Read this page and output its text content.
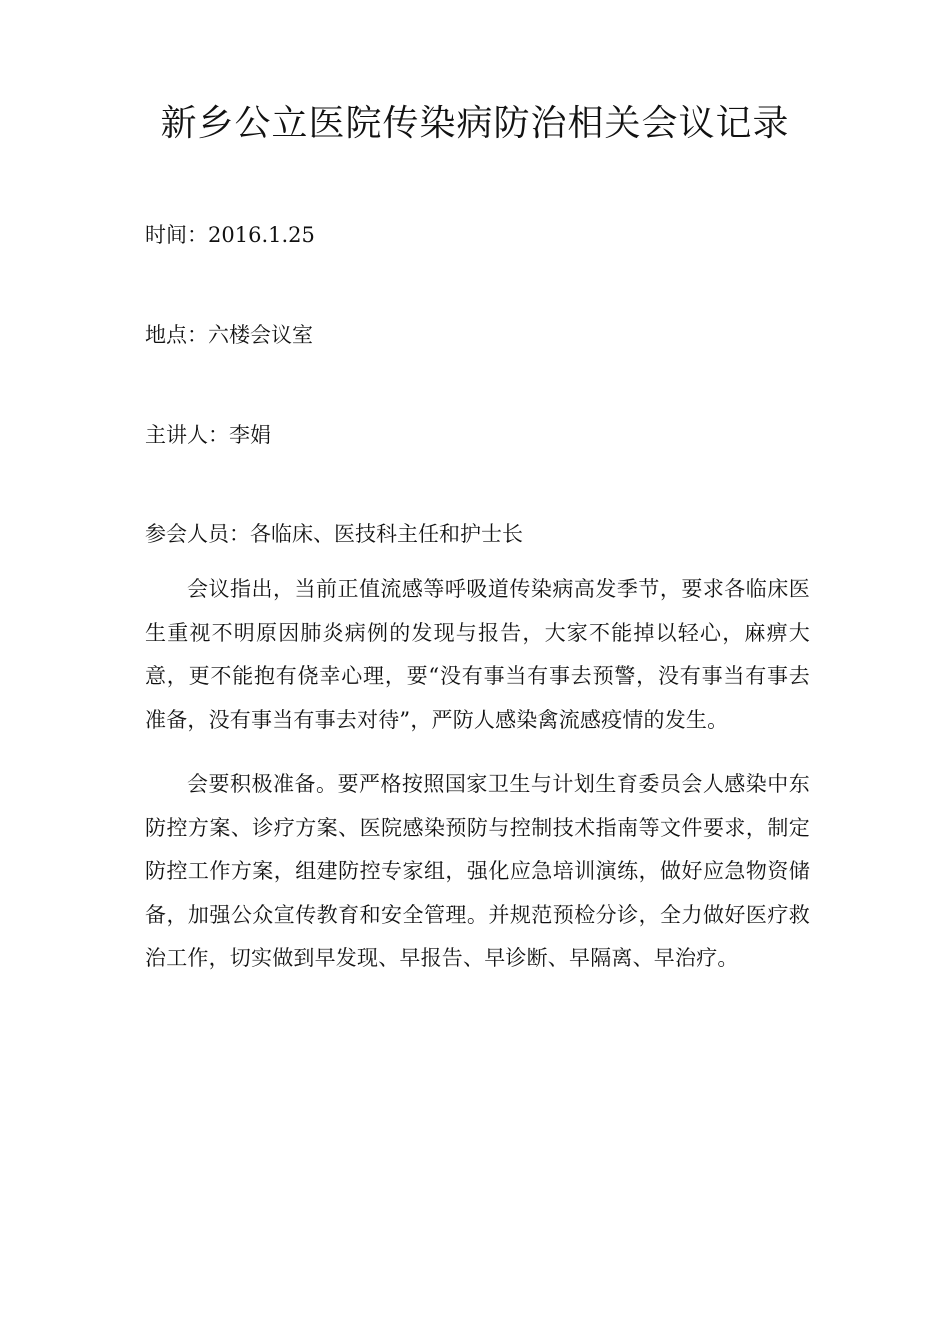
新乡公立医院传染病防治相关会议记录

时间：2016.1.25

地点：六楼会议室

主讲人：李娟

参会人员：各临床、医技科主任和护士长

会议指出，当前正值流感等呼吸道传染病高发季节，要求各临床医生重视不明原因肺炎病例的发现与报告，大家不能掉以轻心，麻痹大意，更不能抱有侥幸心理，要“没有事当有事去预警，没有事当有事去准备，没有事当有事去对待”，严防人感染禽流感疫情的发生。

会要积极准备。要严格按照国家卫生与计划生育委员会人感染中东防控方案、诊疗方案、医院感染预防与控制技术指南等文件要求，制定防控工作方案，组建防控专家组，强化应急培训演练，做好应急物资储备，加强公众宣传教育和安全管理。并规范预检分诊，全力做好医疗救治工作，切实做到早发现、早报告、早诊断、早隔离、早治疗。
